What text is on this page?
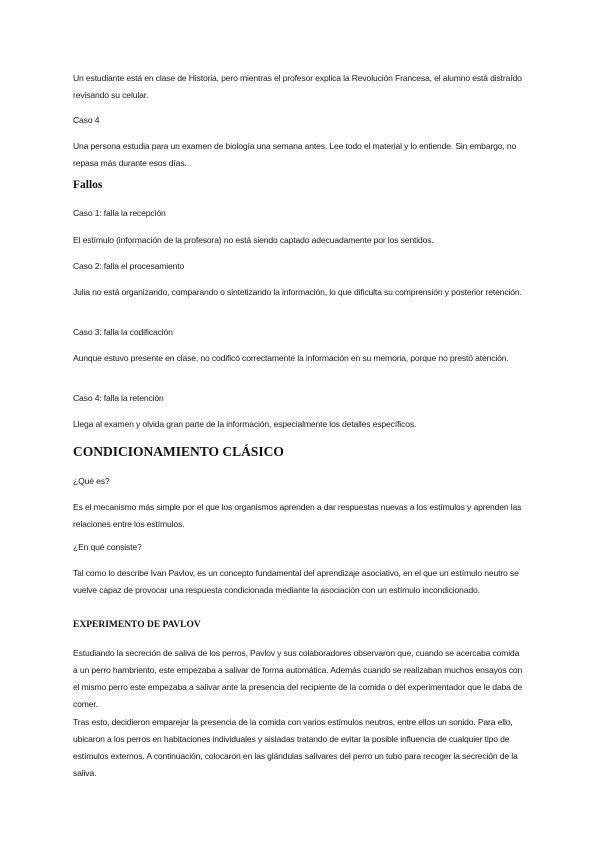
Un estudiante está en clase de Historia, pero mientras el profesor explica la Revolución Francesa, el alumno está distraído revisando su celular.

Caso 4

Una persona estudia para un examen de biología una semana antes. Lee todo el material y lo entiende. Sin embargo, no repasa más durante esos días.

Fallos

Caso 1: falla la recepción

El estímulo (información de la profesora) no está siendo captado adecuadamente por los sentidos.

Caso 2: falla el procesamiento

Julia no está organizando, comparando o sintetizando la información, lo que dificulta su comprensión y posterior retención.

Caso 3: falla la codificación

Aunque estuvo presente en clase, no codificó correctamente la información en su memoria, porque no prestó atención.

Caso 4: falla la retención

Llega al examen y olvida gran parte de la información, especialmente los detalles específicos.

CONDICIONAMIENTO CLÁSICO

¿Qué es?

Es el mecanismo más simple por el que los organismos aprenden a dar respuestas nuevas a los estímulos y aprenden las relaciones entre los estímulos.

¿En qué consiste?

Tal como lo describe Ivan Pavlov, es un concepto fundamental del aprendizaje asociativo, en el que un estímulo neutro se vuelve capaz de provocar una respuesta condicionada mediante la asociación con un estímulo incondicionado.

EXPERIMENTO DE PAVLOV

Estudiando la secreción de saliva de los perros, Pavlov y sus colaboradores observaron que, cuando se acercaba comida a un perro hambriento, este empezaba a salivar de forma automática. Además cuando se realizaban muchos ensayos con el mismo perro este empezaba a salivar ante la presencia del recipiente de la comida o del experimentador que le daba de comer.

Tras esto, decidieron emparejar la presencia de la comida con varios estímulos neutros, entre ellos un sonido. Para ello, ubicaron a los perros en habitaciones individuales y aisladas tratando de evitar la posible influencia de cualquier tipo de estímulos externos. A continuación, colocaron en las glándulas salivares del perro un tubo para recoger la secreción de la saliva.
